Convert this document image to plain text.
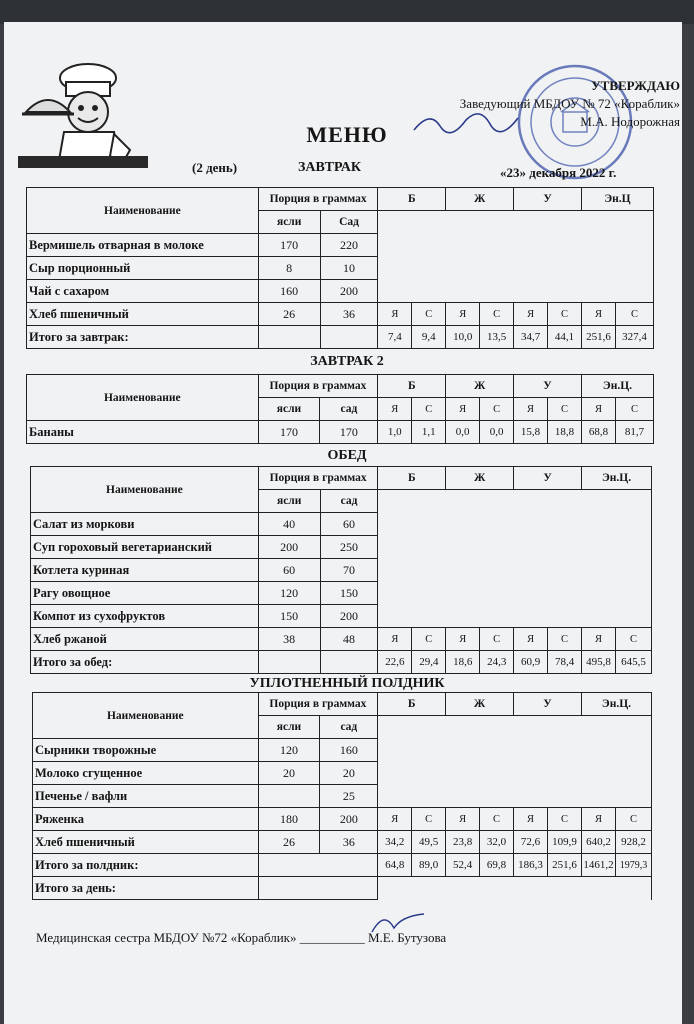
УТВЕРЖДАЮ
Заведующий МБДОУ № 72 «Кораблик»
М.А. Нодорожная
МЕНЮ
(2 день)	ЗАВТРАК	«23» декабря 2022 г.
Наименование	Порция в граммах		Б		Ж		У		Эн.Ц	
	ясли	Сад								
Вермишель отварная в молоке	170	220								
Сыр порционный	8	10								
Чай с сахаром	160	200								
Хлеб пшеничный	26	36	Я	С	Я	С	Я	С	Я	С
Итого за завтрак:			7,4	9,4	10,0	13,5	34,7	44,1	251,6	327,4
ЗАВТРАК 2
Наименование	Порция в граммах		Б		Ж		У		Эн.Ц.	
	ясли	сад	Я	С	Я	С	Я	С	Я	С
Бананы	170	170	1,0	1,1	0,0	0,0	15,8	18,8	68,8	81,7
ОБЕД
Наименование	Порция в граммах		Б		Ж		У		Эн.Ц.	
	ясли	сад								
Салат из моркови	40	60								
Суп гороховый вегетарианский	200	250								
Котлета куриная	60	70								
Рагу овощное	120	150								
Компот из сухофруктов	150	200								
Хлеб ржаной	38	48	Я	С	Я	С	Я	С	Я	С
Итого за обед:			22,6	29,4	18,6	24,3	60,9	78,4	495,8	645,5
УПЛОТНЕННЫЙ ПОЛДНИК
Наименование	Порция в граммах		Б		Ж		У		Эн.Ц.	
	ясли	сад								
Сырники творожные	120	160								
Молоко сгущенное	20	20								
Печенье / вафли		25								
Ряженка	180	200	Я	С	Я	С	Я	С	Я	С
Хлеб пшеничный	26	36	34,2	49,5	23,8	32,0	72,6	109,9	640,2	928,2
Итого за полдник:			64,8	89,0	52,4	69,8	186,3	251,6	1461,2	1979,3
Итого за день:										
Медицинская сестра МБДОУ №72 «Кораблик» __________ М.Е. Бутузова
